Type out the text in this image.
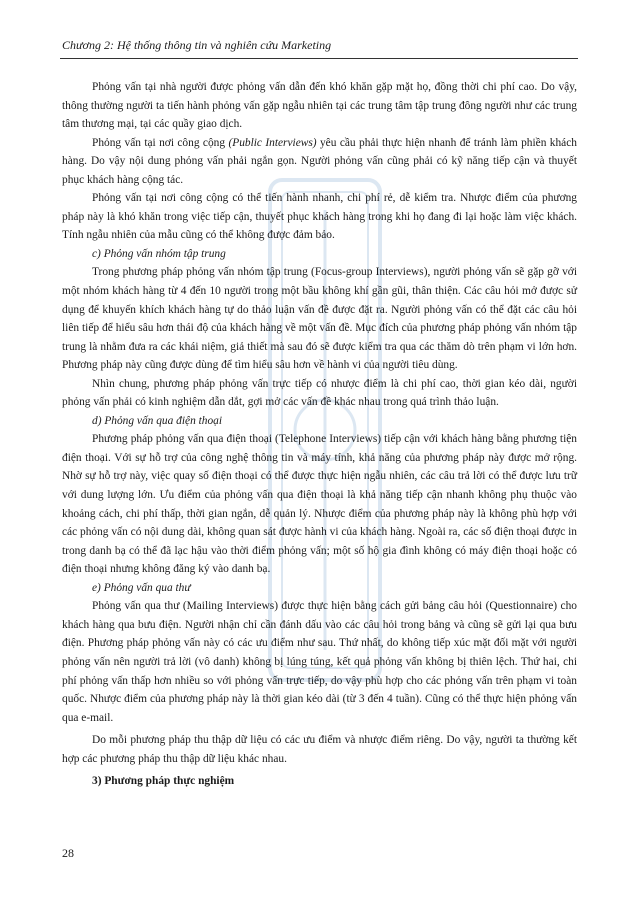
Chương 2: Hệ thống thông tin và nghiên cứu Marketing

Phỏng vấn tại nhà người được phỏng vấn dẫn đến khó khăn gặp mặt họ, đồng thời chi phí cao. Do vậy, thông thường người ta tiến hành phỏng vấn gặp ngẫu nhiên tại các trung tâm tập trung đông người như các trung tâm thương mại, tại các quầy giao dịch.

Phỏng vấn tại nơi công cộng (Public Interviews) yêu cầu phải thực hiện nhanh để tránh làm phiền khách hàng. Do vậy nội dung phỏng vấn phải ngắn gọn. Người phỏng vấn cũng phải có kỹ năng tiếp cận và thuyết phục khách hàng cộng tác.

Phỏng vấn tại nơi công cộng có thể tiến hành nhanh, chi phí rẻ, dễ kiểm tra. Nhược điểm của phương pháp này là khó khăn trong việc tiếp cận, thuyết phục khách hàng trong khi họ đang đi lại hoặc làm việc khách. Tính ngẫu nhiên của mẫu cũng có thể không được đảm bảo.

c) Phỏng vấn nhóm tập trung

Trong phương pháp phỏng vấn nhóm tập trung (Focus-group Interviews), người phỏng vấn sẽ gặp gỡ với một nhóm khách hàng từ 4 đến 10 người trong một bầu không khí gần gũi, thân thiện. Các câu hỏi mở được sử dụng để khuyến khích khách hàng tự do thảo luận vấn đề được đặt ra. Người phỏng vấn có thể đặt các câu hỏi liên tiếp để hiểu sâu hơn thái độ của khách hàng về một vấn đề. Mục đích của phương pháp phỏng vấn nhóm tập trung là nhằm đưa ra các khái niệm, giả thiết mà sau đó sẽ được kiểm tra qua các thăm dò trên phạm vi lớn hơn. Phương pháp này cũng được dùng để tìm hiểu sâu hơn về hành vi của người tiêu dùng.

Nhìn chung, phương pháp phỏng vấn trực tiếp có nhược điểm là chi phí cao, thời gian kéo dài, người phỏng vấn phải có kinh nghiệm dẫn dắt, gợi mở các vấn đề khác nhau trong quá trình thảo luận.

d) Phỏng vấn qua điện thoại

Phương pháp phỏng vấn qua điện thoại (Telephone Interviews) tiếp cận với khách hàng bằng phương tiện điện thoại. Với sự hỗ trợ của công nghệ thông tin và máy tính, khả năng của phương pháp này được mở rộng. Nhờ sự hỗ trợ này, việc quay số điện thoại có thể được thực hiện ngẫu nhiên, các câu trả lời có thể được lưu trữ với dung lượng lớn. Ưu điểm của phỏng vấn qua điện thoại là khả năng tiếp cận nhanh không phụ thuộc vào khoảng cách, chi phí thấp, thời gian ngắn, dễ quản lý. Nhược điểm của phương pháp này là không phù hợp với các phỏng vấn có nội dung dài, không quan sát được hành vi của khách hàng. Ngoài ra, các số điện thoại được in trong danh bạ có thể đã lạc hậu vào thời điểm phỏng vấn; một số hộ gia đình không có máy điện thoại hoặc có điện thoại nhưng không đăng ký vào danh bạ.

e) Phỏng vấn qua thư

Phỏng vấn qua thư (Mailing Interviews) được thực hiện bằng cách gửi bảng câu hỏi (Questionnaire) cho khách hàng qua bưu điện. Người nhận chỉ cần đánh dấu vào các câu hỏi trong bảng và cũng sẽ gửi lại qua bưu điện. Phương pháp phỏng vấn này có các ưu điểm như sau. Thứ nhất, do không tiếp xúc mặt đối mặt với người phỏng vấn nên người trả lời (vô danh) không bị lúng túng, kết quả phỏng vấn không bị thiên lệch. Thứ hai, chi phí phỏng vấn thấp hơn nhiều so với phỏng vấn trực tiếp, do vậy phù hợp cho các phỏng vấn trên phạm vi toàn quốc. Nhược điểm của phương pháp này là thời gian kéo dài (từ 3 đến 4 tuần). Cũng có thể thực hiện phỏng vấn qua e-mail.

Do mỗi phương pháp thu thập dữ liệu có các ưu điểm và nhược điểm riêng. Do vậy, người ta thường kết hợp các phương pháp thu thập dữ liệu khác nhau.

3) Phương pháp thực nghiệm

28
